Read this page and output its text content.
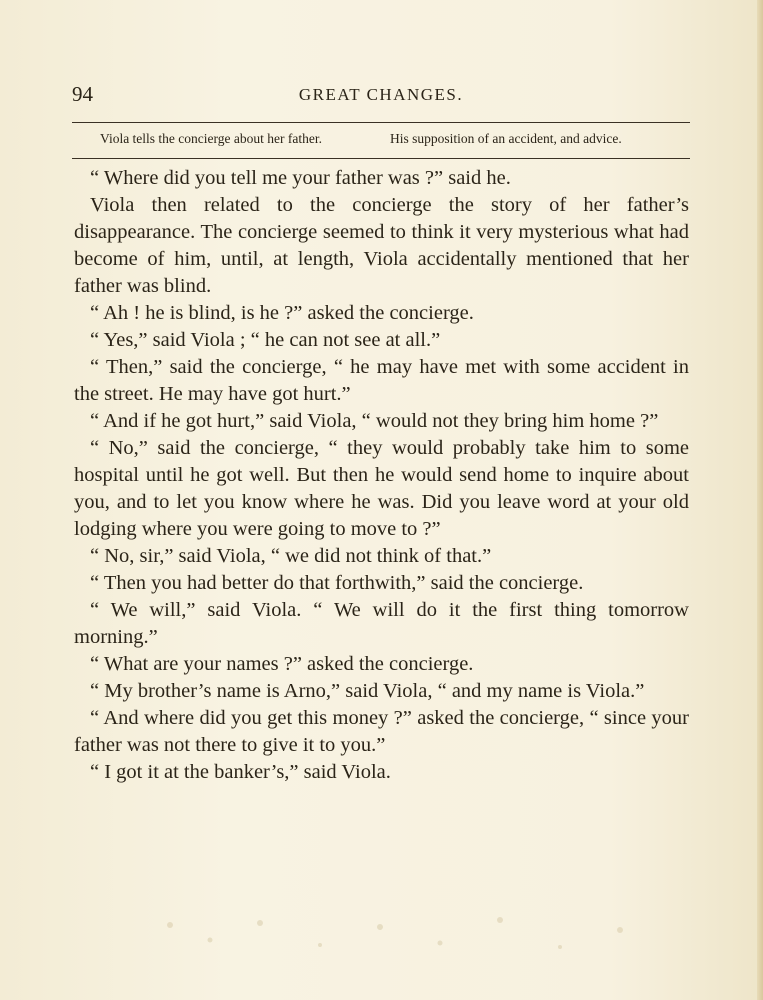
94	GREAT CHANGES.
Viola tells the concierge about her father.	His supposition of an accident, and advice.

“ Where did you tell me your father was ?” said he.

Viola then related to the concierge the story of her father’s disappearance. The concierge seemed to think it very mysterious what had become of him, until, at length, Viola accidentally mentioned that her father was blind.

“ Ah ! he is blind, is he ?” asked the concierge.

“ Yes,” said Viola ; “ he can not see at all.”

“ Then,” said the concierge, “ he may have met with some accident in the street. He may have got hurt.”

“ And if he got hurt,” said Viola, “ would not they bring him home ?”

“ No,” said the concierge, “ they would probably take him to some hospital until he got well. But then he would send home to inquire about you, and to let you know where he was. Did you leave word at your old lodging where you were going to move to ?”

“ No, sir,” said Viola, “ we did not think of that.”

“ Then you had better do that forthwith,” said the concierge.

“ We will,” said Viola. “ We will do it the first thing tomorrow morning.”

“ What are your names ?” asked the concierge.

“ My brother’s name is Arno,” said Viola, “ and my name is Viola.”

“ And where did you get this money ?” asked the concierge, “ since your father was not there to give it to you.”

“ I got it at the banker’s,” said Viola.
